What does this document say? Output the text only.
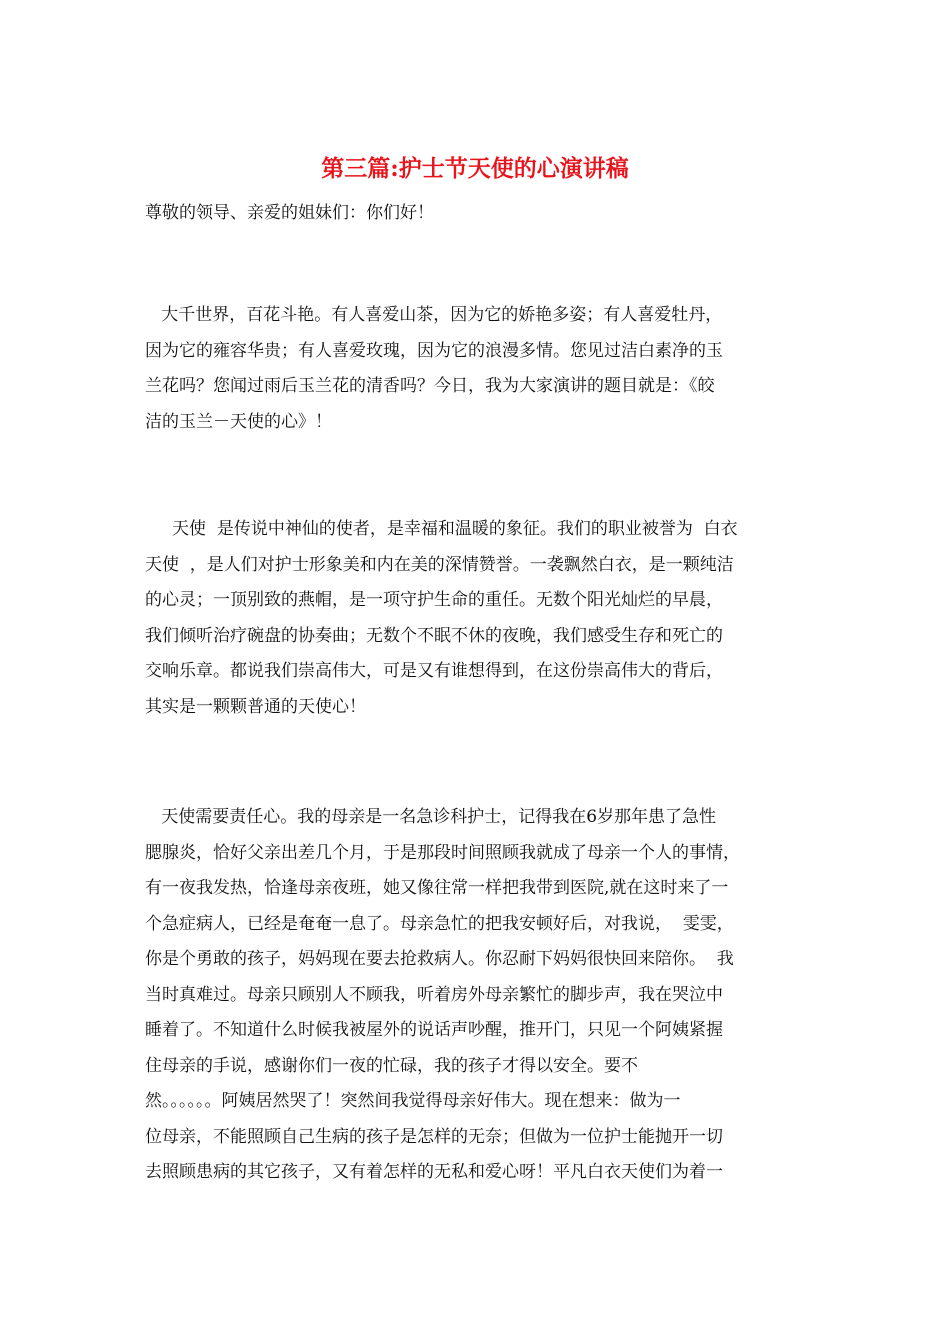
第三篇:护士节天使的心演讲稿

尊敬的领导、亲爱的姐妹们：你们好！

大千世界，百花斗艳。有人喜爱山茶，因为它的娇艳多姿；有人喜爱牡丹，
因为它的雍容华贵；有人喜爱玫瑰，因为它的浪漫多情。您见过洁白素净的玉
兰花吗？您闻过雨后玉兰花的清香吗？今日，我为大家演讲的题目就是：《皎
洁的玉兰－天使的心》！
天使  是传说中神仙的使者，是幸福和温暖的象征。我们的职业被誉为  白衣
天使  ，是人们对护士形象美和内在美的深情赞誉。一袭飘然白衣，是一颗纯洁
的心灵；一顶别致的燕帽，是一项守护生命的重任。无数个阳光灿烂的早晨，
我们倾听治疗碗盘的协奏曲；无数个不眠不休的夜晚，我们感受生存和死亡的
交响乐章。都说我们崇高伟大，可是又有谁想得到，在这份崇高伟大的背后，
其实是一颗颗普通的天使心！
天使需要责任心。我的母亲是一名急诊科护士，记得我在6岁那年患了急性
腮腺炎，恰好父亲出差几个月，于是那段时间照顾我就成了母亲一个人的事情，
有一夜我发热，恰逢母亲夜班，她又像往常一样把我带到医院,就在这时来了一
个急症病人，已经是奄奄一息了。母亲急忙的把我安顿好后，对我说，  雯雯，
你是个勇敢的孩子，妈妈现在要去抢救病人。你忍耐下妈妈很快回来陪你。  我
当时真难过。母亲只顾别人不顾我，听着房外母亲繁忙的脚步声，我在哭泣中
睡着了。不知道什么时候我被屋外的说话声吵醒，推开门，只见一个阿姨紧握
住母亲的手说，感谢你们一夜的忙碌，我的孩子才得以安全。要不
然。。。。。。阿姨居然哭了！突然间我觉得母亲好伟大。现在想来：做为一
位母亲，不能照顾自己生病的孩子是怎样的无奈；但做为一位护士能抛开一切
去照顾患病的其它孩子，又有着怎样的无私和爱心呀！平凡白衣天使们为着一
